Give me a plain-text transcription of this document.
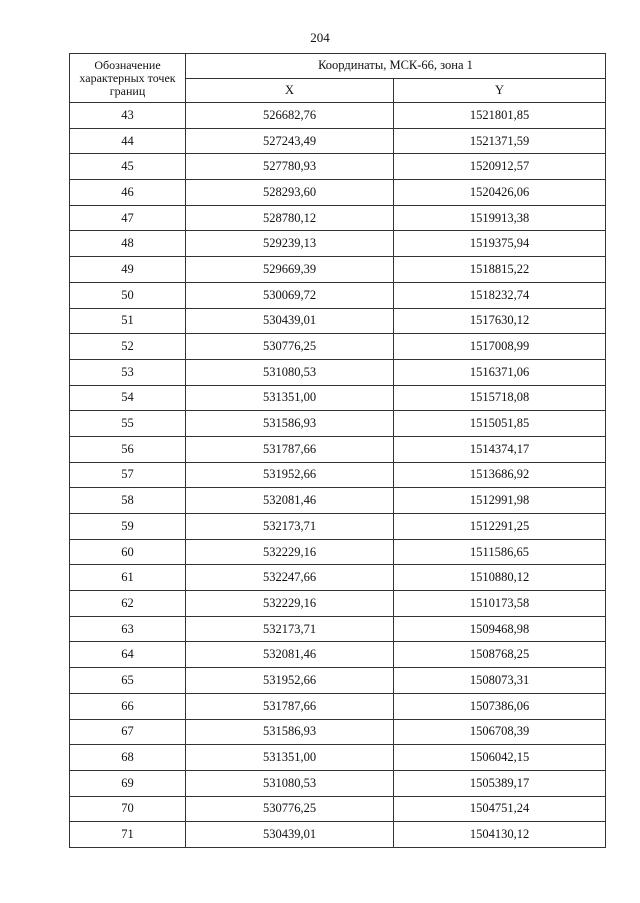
204
Обозначение характерных точек границ	Координаты, МСК-66, зона 1	
	X	Y
43	526682,76	1521801,85
44	527243,49	1521371,59
45	527780,93	1520912,57
46	528293,60	1520426,06
47	528780,12	1519913,38
48	529239,13	1519375,94
49	529669,39	1518815,22
50	530069,72	1518232,74
51	530439,01	1517630,12
52	530776,25	1517008,99
53	531080,53	1516371,06
54	531351,00	1515718,08
55	531586,93	1515051,85
56	531787,66	1514374,17
57	531952,66	1513686,92
58	532081,46	1512991,98
59	532173,71	1512291,25
60	532229,16	1511586,65
61	532247,66	1510880,12
62	532229,16	1510173,58
63	532173,71	1509468,98
64	532081,46	1508768,25
65	531952,66	1508073,31
66	531787,66	1507386,06
67	531586,93	1506708,39
68	531351,00	1506042,15
69	531080,53	1505389,17
70	530776,25	1504751,24
71	530439,01	1504130,12
